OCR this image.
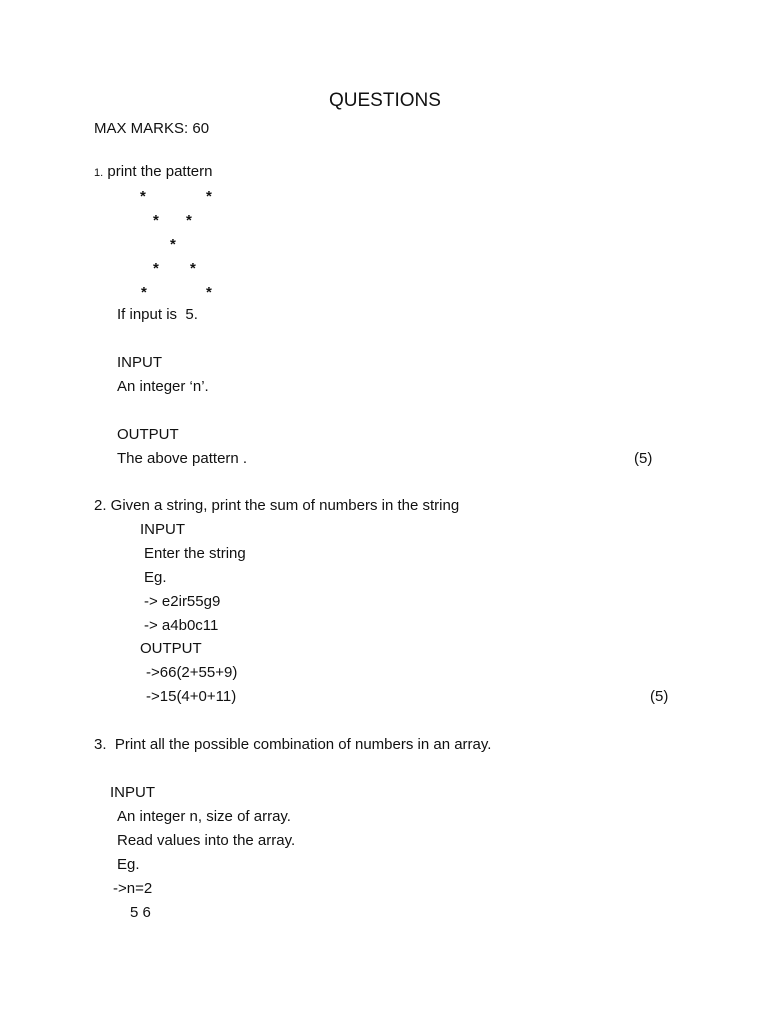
QUESTIONS
MAX MARKS: 60
1. print the pattern
*	*
* *
*
* *
*	*
If input is  5.
INPUT
An integer ‘n’.
OUTPUT
The above pattern .	(5)
2. Given a string, print the sum of numbers in the string
INPUT
Enter the string
Eg.
-> e2ir55g9
-> a4b0c11
OUTPUT
->66(2+55+9)
->15(4+0+11)	(5)
3.  Print all the possible combination of numbers in an array.
INPUT
An integer n, size of array.
Read values into the array.
Eg.
->n=2
5 6
